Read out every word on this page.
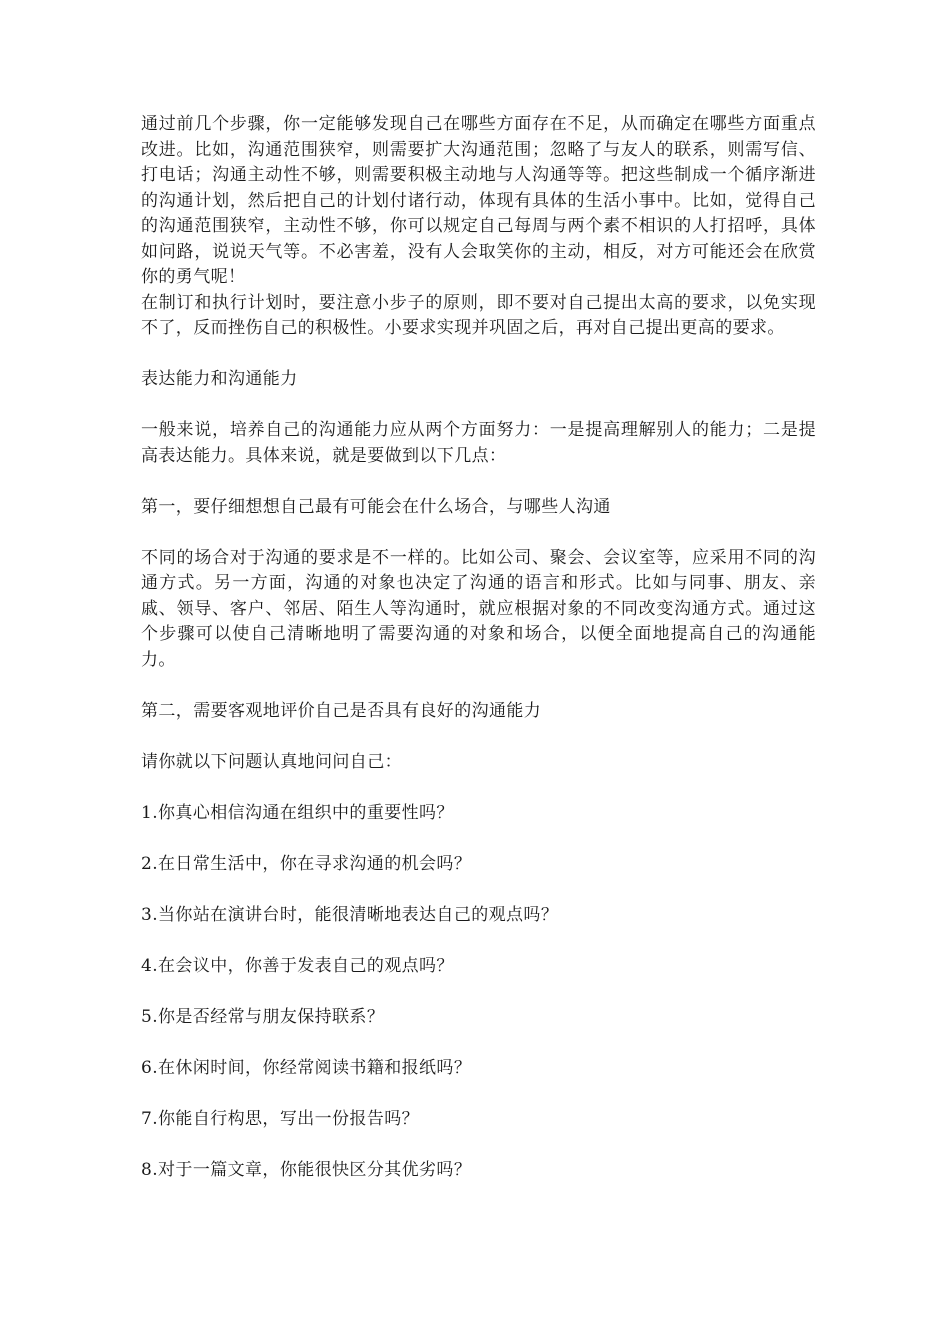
通过前几个步骤，你一定能够发现自己在哪些方面存在不足，从而确定在哪些方面重点改进。比如，沟通范围狭窄，则需要扩大沟通范围；忽略了与友人的联系，则需写信、打电话；沟通主动性不够，则需要积极主动地与人沟通等等。把这些制成一个循序渐进的沟通计划，然后把自己的计划付诸行动，体现有具体的生活小事中。比如，觉得自己的沟通范围狭窄，主动性不够，你可以规定自己每周与两个素不相识的人打招呼，具体如问路，说说天气等。不必害羞，没有人会取笑你的主动，相反，对方可能还会在欣赏你的勇气呢！

在制订和执行计划时，要注意小步子的原则，即不要对自己提出太高的要求，以免实现不了，反而挫伤自己的积极性。小要求实现并巩固之后，再对自己提出更高的要求。

表达能力和沟通能力

一般来说，培养自己的沟通能力应从两个方面努力：一是提高理解别人的能力；二是提高表达能力。具体来说，就是要做到以下几点：

第一，要仔细想想自己最有可能会在什么场合，与哪些人沟通

不同的场合对于沟通的要求是不一样的。比如公司、聚会、会议室等，应采用不同的沟通方式。另一方面，沟通的对象也决定了沟通的语言和形式。比如与同事、朋友、亲戚、领导、客户、邻居、陌生人等沟通时，就应根据对象的不同改变沟通方式。通过这个步骤可以使自己清晰地明了需要沟通的对象和场合，以便全面地提高自己的沟通能力。

第二，需要客观地评价自己是否具有良好的沟通能力

请你就以下问题认真地问问自己：

1.你真心相信沟通在组织中的重要性吗？

2.在日常生活中，你在寻求沟通的机会吗？

3.当你站在演讲台时，能很清晰地表达自己的观点吗？

4.在会议中，你善于发表自己的观点吗？

5.你是否经常与朋友保持联系？

6.在休闲时间，你经常阅读书籍和报纸吗？

7.你能自行构思，写出一份报告吗？

8.对于一篇文章，你能很快区分其优劣吗？
